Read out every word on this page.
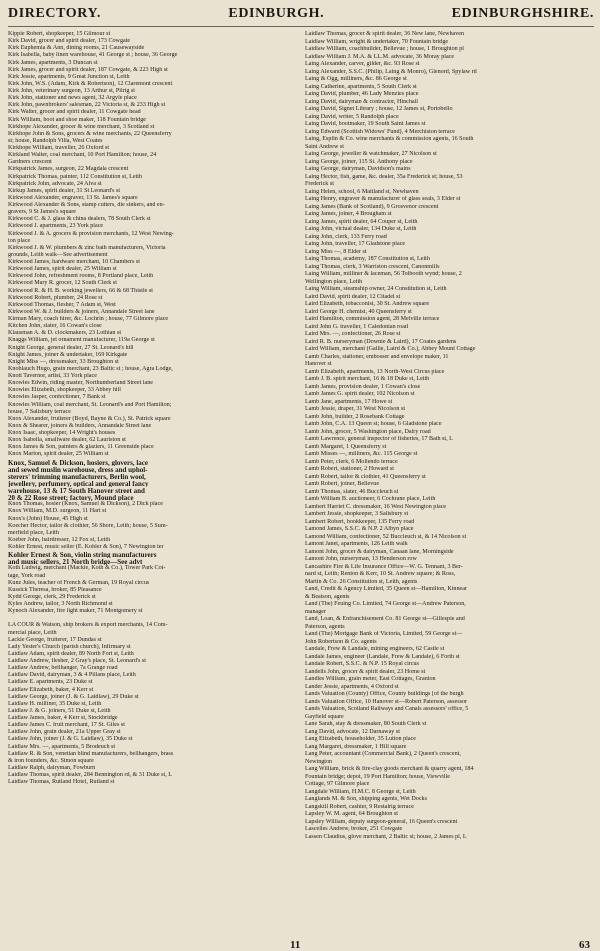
DIRECTORY.	EDINBURGH.	EDINBURGHSHIRE.
Kippie Robert, shopkeeper, 15 Gilmour st
Kirk David, grocer and spirit dealer, 173 Cowgate
Kirk Euphemia & Ann, dining rooms, 21 Causewayside
Kirk Isabella, baby linen warehouse, 41 George st ; house, 36 George
Kirk James, apartments, 3 Duncan st
Kirk James, grocer and spirit dealer, 187 Cowgate, & 223 High st
Kirk Jessie, apartments, 9 Great Junction st, Leith
Kirk John, W.S. (Adam, Kirk & Robertson), 12 Claremont crescent
Kirk John, veterinary surgeon, 13 Arthur st, Pilrig st
Kirk John, stationer and news agent, 32 Argyle place
Kirk John, pawnbrokers' salesman, 22 Victoria st, & 233 High st
Kirk Walter, grocer and spirit dealer, 11 Cowgate head
Kirk William, boot and shoe maker, 118 Fountain bridge
Kirkhope Alexander, grocer & wine merchant, 3 Scotland st
Kirkhope John & Sons, grocers & wine merchants, 22 Queensferry
st; house, Randolph Villa, West Coates
Kirkhope William, traveller, 26 Oxford st
Kirkland Walter, coal merchant, 10 Port Hamilton; house, 24
Gardners crescent
Kirkpatrick James, surgeon, 22 Magdala crescent
Kirkpatrick Thomas, painter, 112 Constitution st, Leith
Kirkpatrick John, advocate, 24 Alva st
Kirkup James, spirit dealer, 31 St Leonard's st
Kirkwood Alexander, engraver, 13 St. James's square
Kirkwood Alexander & Sons, stamp cutters, die sinkers, and en-
gravers, 9 St James's square
Kirkwood C. & J. glass & china dealers, 78 South Clerk st
Kirkwood J. apartments, 23 York place
Kirkwood J. & A. grocers & provision merchants, 12 West Newing-
ton place
Kirkwood J. & W. plumbers & zinc bath manufacturers, Victoria
grounds, Leith walk—See advertisement
Kirkwood James, hardware merchant, 10 Chambers st
Kirkwood James, spirit dealer, 25 William st
Kirkwood John, refreshment rooms, 8 Portland place, Leith
Kirkwood Mary R. grocer, 12 South Clerk st
Kirkwood R. & H. B. working jewellers, 66 & 68 Thistle st
Kirkwood Robert, plumber, 24 Rose st
Kirkwood Thomas, flesher, 7 Adam st, West
Kirkwood W. & J. builders & joiners, Annandale Street lane
Kirman Mary, coach hirer, &c. Lochrin ; house, 77 Gilmore place
Kitchen John, slater, 16 Cowan's close
Klausman A. & D. clockmakers, 23 Lothian st
Knaggs William, jet ornament manufacturer, 119a George st
Knight George, general dealer, 27 St. Leonard's hill
Knight James, joiner & undertaker, 169 Kirkgate
Knight Miss —, dressmaker, 33 Broughton st
Knoblauch Hugo, grain merchant, 23 Baltic st ; house, Agra Lodge,
Knott Tavernor, artist, 33 York place
Knowles Edwin, riding master, Northumberland Street lane
Knowles Elizabeth, shopkeeper, 33 Abbey hill
Knowles Jasper, confectioner, 7 Bank st
Knowles William, coal merchant, St. Leonard's and Port Hamilton;
house, 7 Salisbury terrace
Knox Alexander, fruiterer (Boyd, Bayne & Co.), St. Patrick square
Knox & Shearer, joiners & builders, Annandale Street lane
Knox Isaac, shopkeeper, 14 Wright's houses
Knox Isabella, smallware dealer, 62 Lauriston st
Knox James & Son, painters & glaziers, 11 Greenside place
Knox Marion, spirit dealer, 25 William st
Knox, Samuel & Dickson, hosiers, glovers, lace
and sewed muslin warehouse, dress and uphol-
sterers' trimming manufacturers, Berlin wool,
jewellery, perfumery, optical and general fancy
warehouse, 13 & 17 South Hanover street and
20 & 22 Rose street; factory, Mound place
Knox Thomas, hosier (Knox, Samuel & Dickson), 2 Dick place
Knox William, M.D. surgeon, 11 Hart st
Knox's (John) House, 45 High st
Koecher Hector, tailor & clothier, 56 Shore, Leith; house, 5 Sum-
merfield place, Leith
Koeber John, hairdresser, 12 Fox st, Leith
Kohler Ernest, music seller (E. Kohler & Son), 7 Newington ter
Kohler Ernest & Son, violin string manufacturers
and music sellers, 21 North bridge—See advt
Koth Ludwig, merchant (Mackie, Koth & Co.), Tower Park Cot-
tage, York road
Kunz Jules, teacher of French & German, 19 Royal circus
Kussick Theresa, broker, 85 Pleasance
Kydd George, clerk, 29 Frederick st
Kyles Andrew, tailor, 3 North Richmond st
Kynoch Alexander, fire light maker, 71 Montgomery st
LA COUR & Watson, ship brokers & export merchants, 14 Com-
mercial place, Leith
Lackie George, fruiterer, 17 Dundas st
Lady Yester's Church (parish church), Infirmary st
Laidlaw Adam, spirit dealer, 89 North Fort st, Leith
Laidlaw Andrew, flesher, 2 Gray's place, St. Leonard's st
Laidlaw Andrew, bellhanger, 7a Grange road
Laidlaw David, dairyman, 3 & 4 Pillans place, Leith
Laidlaw E. apartments, 23 Duke st
Laidlaw Elizabeth, baker, 4 Kerr st
Laidlaw George, joiner (J. & G. Laidlaw), 29 Duke st
Laidlaw H. milliner, 35 Duke st, Leith
Laidlaw J. & G. joiners, 51 Duke st, Leith
Laidlaw James, baker, 4 Kerr st, Stockbridge
Laidlaw James C. fruit merchant, 17 St. Giles st
Laidlaw John, grain dealer, 21a Upper Gray st
Laidlaw John, joiner (J. & G. Laidlaw), 35 Duke st
Laidlaw Mrs. —, apartments, 5 Brodeuch st
Laidlaw R. & Son, venetian blind manufacturers, bellhangers, brass
& iron founders, &c. Simon square
Laidlaw Ralph, dairyman, Fowburn
Laidlaw Thomas, spirit dealer, 284 Bennington rd, & 31 Duke st, L
Laidlaw Thomas, Rutland Hotel, Rutland st
Laidlaw Thomas, grocer & spirit dealer, 36 New lane, Newhaven
Laidlaw William, wright & undertaker, 70 Fountain bridge
Laidlaw William, coachbuilder, Bellevue ; house, 1 Broughton pl
Laidlaw William J. M.A. & LL.M. advocate, 36 Moray place
Laing Alexander, carver, gilder, &c. 93 Rose st
Laing Alexander, S.S.C. (Philip, Laing & Monro), Glenord, Spylaw rd
Laing & Ogg, milliners, &c. 86 George st
Laing Catherine, apartments, 5 South Clerk st
Laing David, plumber, 46 Lady Menzies place
Laing David, dairyman & contractor, Hinchall
Laing David, Signet Library ; house, 12 James st, Portobello
Laing David, writer, 5 Randolph place
Laing David, bootmaker, 19 South Saint James st
Laing Edward (Scottish Widows' Fund), 4 Merchiston terrace
Laing, Esplin & Co. wine merchants & commission agents, 16 South
Saint Andrew st
Laing George, jeweller & watchmaker, 27 Nicolson st
Laing George, joiner, 115 St. Anthony place
Laing George, dairyman, Davidson's mains
Laing Hector, fish, game, &c. dealer, 35a Frederick st; house, 53
Frederick st
Laing Helen, school, 6 Maitland st, Newhaven
Laing Henry, engraver & manufacturer of glass seals, 3 Elder st
Laing James (Bank of Scotland), 9 Grosvenor crescent
Laing James, joiner, 4 Brougham st
Laing James, spirit dealer, 64 Couper st, Leith
Laing John, victual dealer, 134 Duke st, Leith
Laing John, clerk, 133 Ferry road
Laing John, traveller, 17 Gladstone place
Laing Miss —, 8 Elder st
Laing Thomas, academy, 187 Constitution st, Leith
Laing Thomas, clerk, 3 Warriston crescent, Canonmills
Laing William, milliner & laceman, 56 Tolbooth wynd; house, 2
Wellington place, Leith
Laing William, steamship owner, 24 Constitution st, Leith
Laird David, spirit dealer, 12 Citadel st
Laird Elizabeth, tobacconist, 30 St. Andrew square
Laird George H. chemist, 40 Queensferry st
Laird Hamilton, commission agent, 28 Melville terrace
Laird John G. traveller, 1 Caledonian road
Laird Mrs. —, confectioner, 26 Rose st
Laird R. B. nurseryman (Downie & Laird), 17 Coates gardens
Laird William, merchant (Gallie, Laird & Co.), Abbey Mount Cottage
Lamb Charles, stationer, embosser and envelope maker, 11
Hanover st
Lamb Elizabeth, apartments, 13 North-West Circus place
Lamb J. B. spirit merchant, 16 & 18 Duke st, Leith
Lamb James, provision dealer, 1 Cowan's close
Lamb James G. spirit dealer, 102 Nicolson st
Lamb Jane, apartments, 17 Howe st
Lamb Jessie, draper, 31 West Nicolson st
Lamb John, builder, 2 Rosebank Cottage
Lamb John, C.A. 13 Queen st; house, 6 Gladstone place
Lamb John, grocer, 5 Washington place, Dalry road
Lamb Lawrence, general inspector of fisheries, 17 Bath st, L
Lamb Margaret, 1 Queensferry st
Lamb Misses —, milliners, &c. 115 George st
Lamb Peter, clerk, 6 Mollendo terrace
Lamb Robert, stationer, 2 Howard st
Lamb Robert, tailor & clothier, 41 Queensferry st
Lamb Robert, joiner, Bellevue
Lamb Thomas, slater, 46 Buccleuch st
Lamb William B. auctioneer, 6 Cochrane place, Leith
Lambert Harriet C. dressmaker, 16 West Newington place
Lambert Jessie, shopkeeper, 3 Salisbury st
Lambert Robert, bookkeeper, 135 Ferry road
Lamond James, S.S.C. & N.P. 2 Albyn place
Lamond William, confectioner, 52 Buccleuch st, & 14 Nicolson st
Lamont Janet, apartments, 126 Leith walk
Lamont John, grocer & dairyman, Canaan lane, Morningside
Lamont John, nurseryman, 13 Henderson row
Lancashire Fire & Life Insurance Office—W. G. Tennant, 3 Ber-
nard st, Leith; Renton & Kerr, 10 St. Andrew square; & Ross,
Martin & Co. 26 Constitution st, Leith, agents
Land, Credit & Agency Limited, 35 Queen st—Hamilton, Kinnear
& Beatson, agents
Land (The) Feuing Co. Limited, 74 George st—Andrew Paterson,
manager
Land, Loan, & Enfranchisement Co. 81 George st—Gillespie and
Paterson, agents
Land (The) Mortgage Bank of Victoria, Limited, 59 George st—
John Robertson & Co. agents
Landale, Frew & Landale, mining engineers, 62 Castle st
Landale James, engineer (Landale, Frew & Landale), 6 Forth st
Landale Robert, S.S.C. & N.P. 15 Royal circus
Landells John, grocer & spirit dealer, 23 Home st
Landles William, grain meter, East Cottages, Granton
Lander Jessie, apartments, 4 Oxford st
Lands Valuation (County) Office, County buildings [of the burgh
Lands Valuation Office, 10 Hanover st—Robert Paterson, assessor
Lands Valuation, Scotland Railways and Canals assessors' office, 5
Gayfield square
Lane Sarah, stay & dressmaker, 80 South Clerk st
Lang David, advocate, 12 Darnaway st
Lang Elizabeth, householder, 35 Lutton place
Lang Margaret, dressmaker, 1 Hill square
Lang Peter, accountant (Commercial Bank), 2 Queen's crescent,
Newington
Lang William, brick & fire-clay goods merchant & quarry agent, 184
Fountain bridge; depot, 19 Port Hamilton; house, Viewville
Cottage, 97 Gilmore place
Langdale William, H.M.C. 8 George st, Leith
Langlands M. & Son, shipping agents, Wet Docks
Langskill Robert, cashier, 9 Restalrig terrace
Lapsley W. M. agent, 64 Broughton st
Lapsley William, deputy surgeon-general, 16 Queen's crescent
Lascelles Andrew, broker, 251 Cowgate
Lassen Claudius, glove merchant, 2 Baltic st; house, 2 James pl, L
11	63
